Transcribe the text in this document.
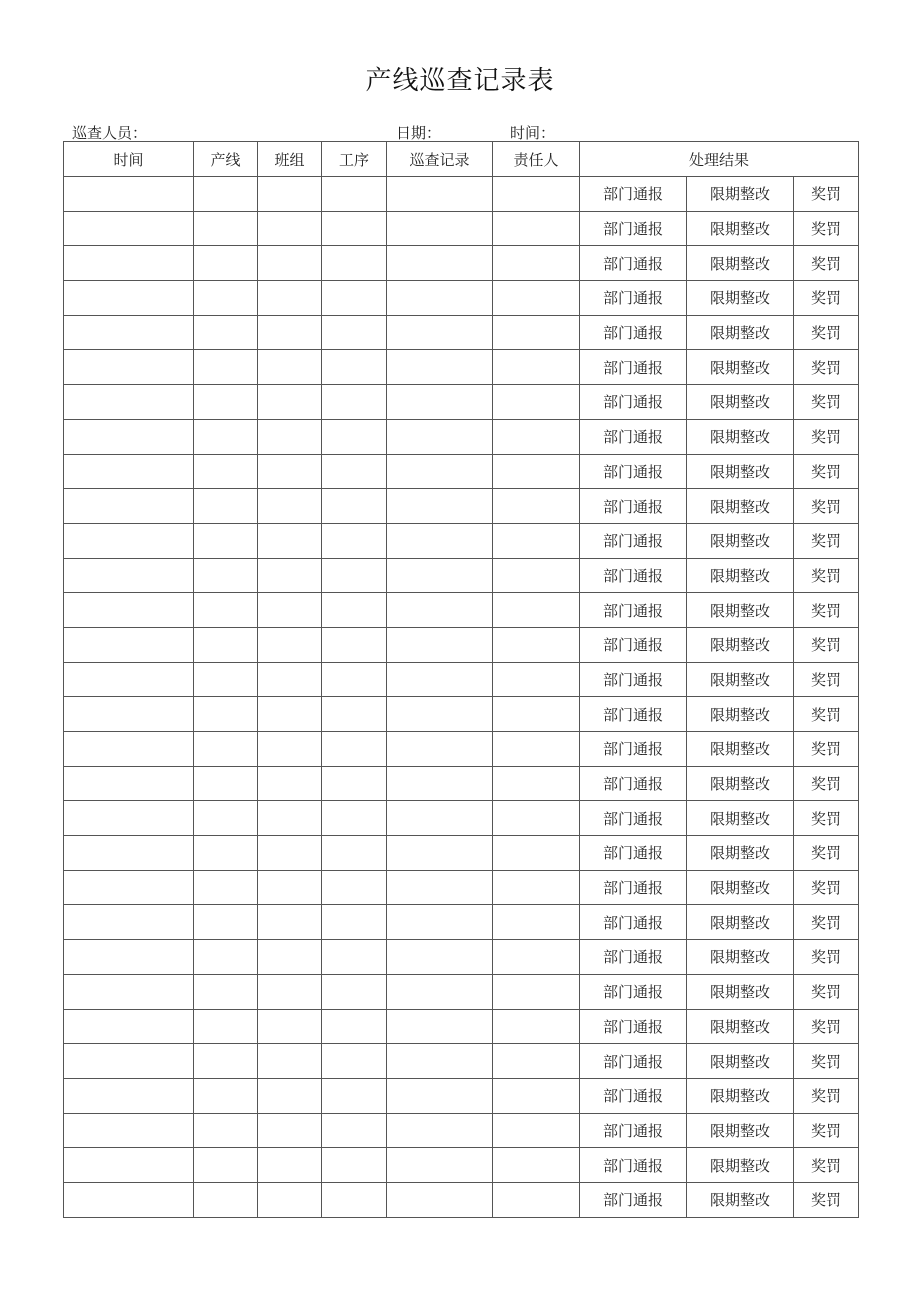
产线巡查记录表
巡查人员：	日期：	时间：
时间	产线	班组	工序	巡查记录	责任人	处理结果		
						部门通报	限期整改	奖罚
						部门通报	限期整改	奖罚
						部门通报	限期整改	奖罚
						部门通报	限期整改	奖罚
						部门通报	限期整改	奖罚
						部门通报	限期整改	奖罚
						部门通报	限期整改	奖罚
						部门通报	限期整改	奖罚
						部门通报	限期整改	奖罚
						部门通报	限期整改	奖罚
						部门通报	限期整改	奖罚
						部门通报	限期整改	奖罚
						部门通报	限期整改	奖罚
						部门通报	限期整改	奖罚
						部门通报	限期整改	奖罚
						部门通报	限期整改	奖罚
						部门通报	限期整改	奖罚
						部门通报	限期整改	奖罚
						部门通报	限期整改	奖罚
						部门通报	限期整改	奖罚
						部门通报	限期整改	奖罚
						部门通报	限期整改	奖罚
						部门通报	限期整改	奖罚
						部门通报	限期整改	奖罚
						部门通报	限期整改	奖罚
						部门通报	限期整改	奖罚
						部门通报	限期整改	奖罚
						部门通报	限期整改	奖罚
						部门通报	限期整改	奖罚
						部门通报	限期整改	奖罚
